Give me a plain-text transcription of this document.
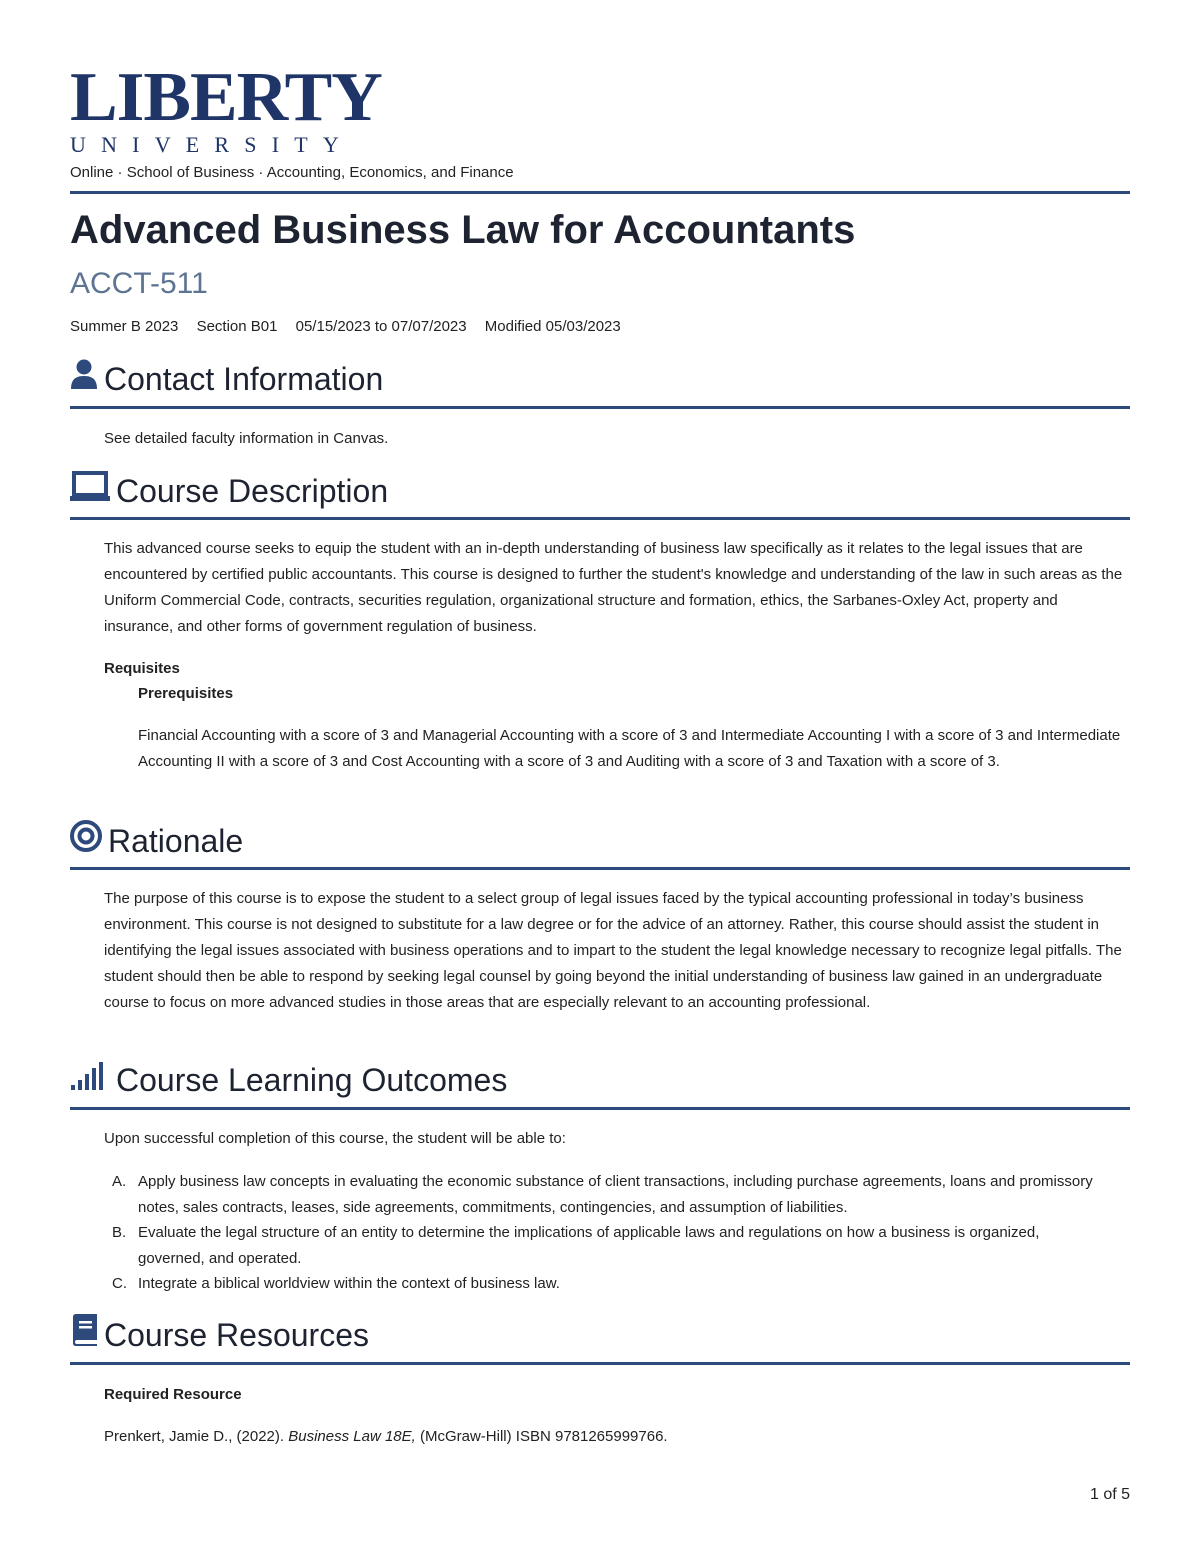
LIBERTY
UNIVERSITY
Online · School of Business · Accounting, Economics, and Finance
Advanced Business Law for Accountants
ACCT-511
Summer B 2023 Section B01 05/15/2023 to 07/07/2023 Modified 05/03/2023
Contact Information

See detailed faculty information in Canvas.

Course Description

This advanced course seeks to equip the student with an in-depth understanding of business law specifically as it relates to the legal issues that are encountered by certified public accountants. This course is designed to further the student's knowledge and understanding of the law in such areas as the Uniform Commercial Code, contracts, securities regulation, organizational structure and formation, ethics, the Sarbanes-Oxley Act, property and insurance, and other forms of government regulation of business.

Requisites

Prerequisites

Financial Accounting with a score of 3 and Managerial Accounting with a score of 3 and Intermediate Accounting I with a score of 3 and Intermediate Accounting II with a score of 3 and Cost Accounting with a score of 3 and Auditing with a score of 3 and Taxation with a score of 3.

Rationale

The purpose of this course is to expose the student to a select group of legal issues faced by the typical accounting professional in today’s business environment. This course is not designed to substitute for a law degree or for the advice of an attorney. Rather, this course should assist the student in identifying the legal issues associated with business operations and to impart to the student the legal knowledge necessary to recognize legal pitfalls. The student should then be able to respond by seeking legal counsel by going beyond the initial understanding of business law gained in an undergraduate course to focus on more advanced studies in those areas that are especially relevant to an accounting professional.

Course Learning Outcomes

Upon successful completion of this course, the student will be able to:

A. Apply business law concepts in evaluating the economic substance of client transactions, including purchase agreements, loans and promissory notes, sales contracts, leases, side agreements, commitments, contingencies, and assumption of liabilities.
B. Evaluate the legal structure of an entity to determine the implications of applicable laws and regulations on how a business is organized, governed, and operated.
C. Integrate a biblical worldview within the context of business law.
Course Resources

Required Resource

Prenkert, Jamie D., (2022). Business Law 18E, (McGraw-Hill) ISBN 9781265999766.

1 of 5
